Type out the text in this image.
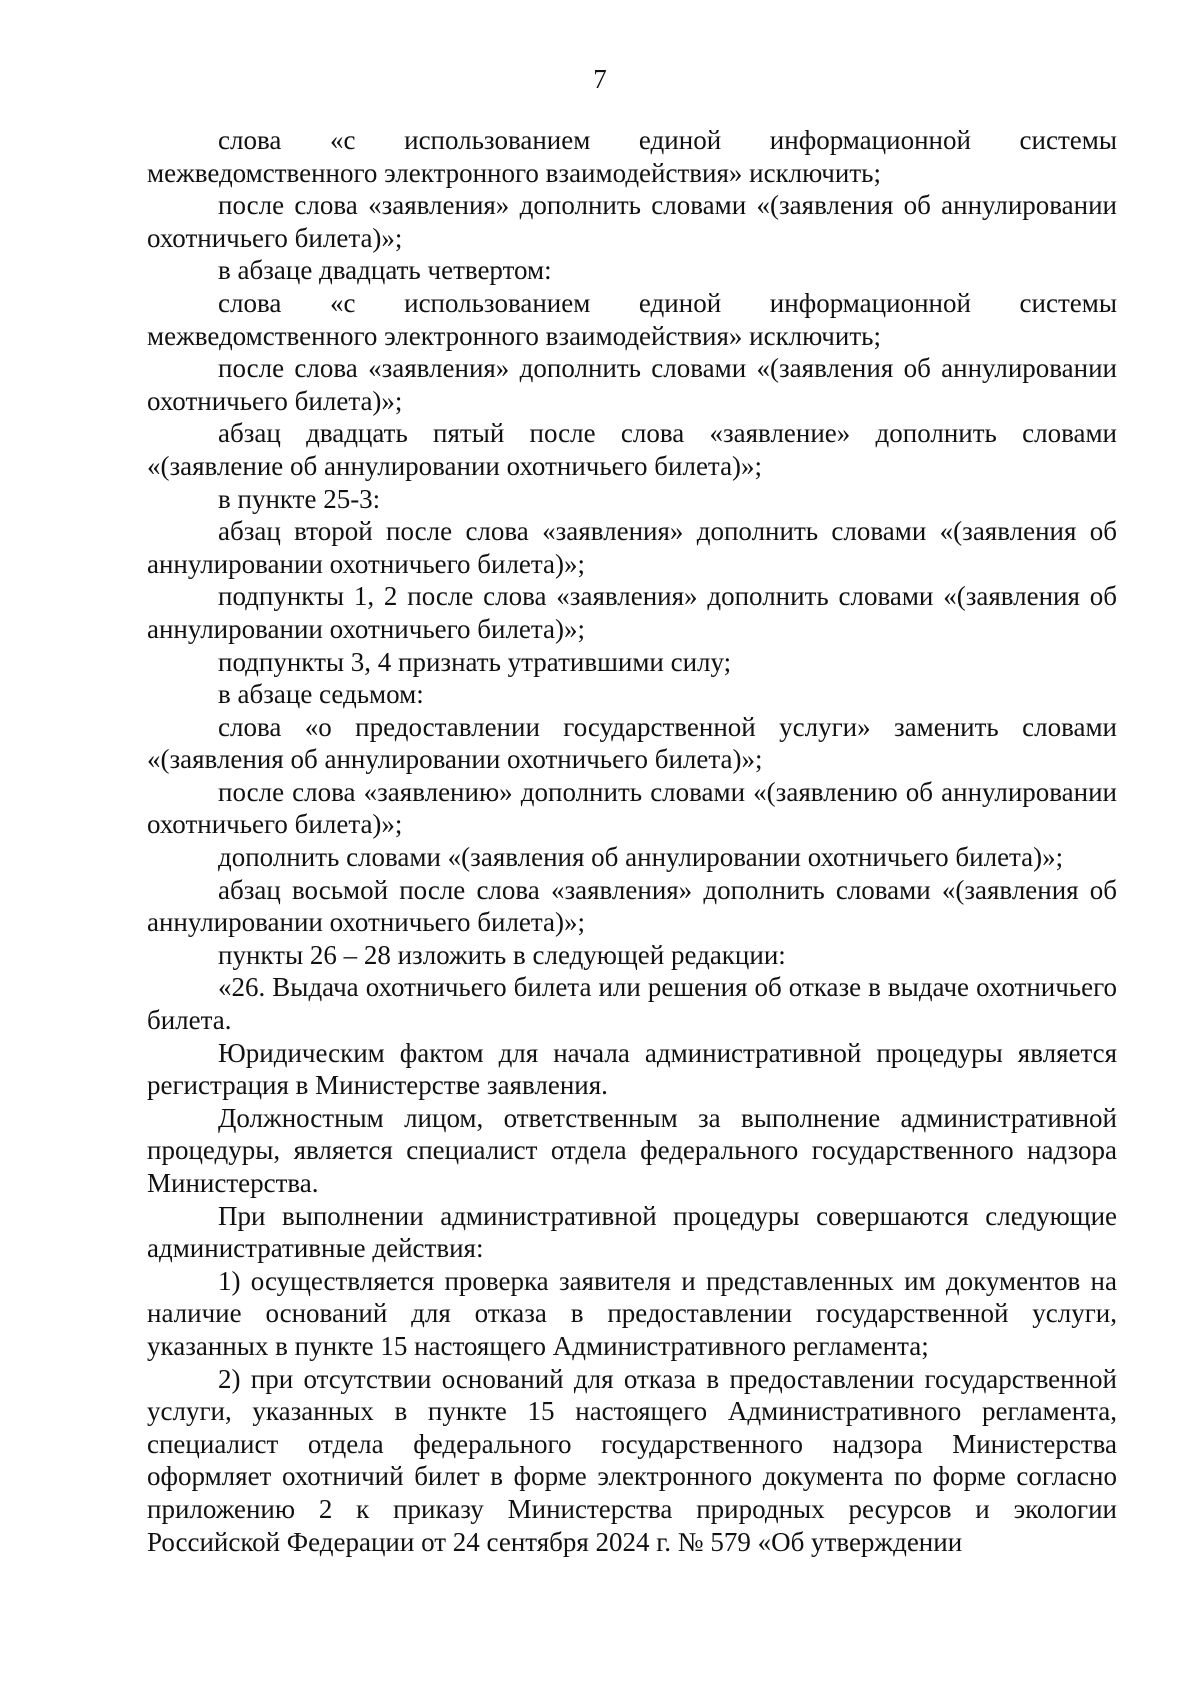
7

слова «с использованием единой информационной системы межведомственного электронного взаимодействия» исключить;

после слова «заявления» дополнить словами «(заявления об аннулировании охотничьего билета)»;

в абзаце двадцать четвертом:

слова «с использованием единой информационной системы межведомственного электронного взаимодействия» исключить;

после слова «заявления» дополнить словами «(заявления об аннулировании охотничьего билета)»;

абзац двадцать пятый после слова «заявление» дополнить словами «(заявление об аннулировании охотничьего билета)»;

в пункте 25-3:

абзац второй после слова «заявления» дополнить словами «(заявления об аннулировании охотничьего билета)»;

подпункты 1, 2 после слова «заявления» дополнить словами «(заявления об аннулировании охотничьего билета)»;

подпункты 3, 4 признать утратившими силу;

в абзаце седьмом:

слова «о предоставлении государственной услуги» заменить словами «(заявления об аннулировании охотничьего билета)»;

после слова «заявлению» дополнить словами «(заявлению об аннулировании охотничьего билета)»;

дополнить словами «(заявления об аннулировании охотничьего билета)»;

абзац восьмой после слова «заявления» дополнить словами «(заявления об аннулировании охотничьего билета)»;

пункты 26 – 28 изложить в следующей редакции:

«26. Выдача охотничьего билета или решения об отказе в выдаче охотничьего билета.

Юридическим фактом для начала административной процедуры является регистрация в Министерстве заявления.

Должностным лицом, ответственным за выполнение административной процедуры, является специалист отдела федерального государственного надзора Министерства.

При выполнении административной процедуры совершаются следующие административные действия:

1) осуществляется проверка заявителя и представленных им документов на наличие оснований для отказа в предоставлении государственной услуги, указанных в пункте 15 настоящего Административного регламента;

2) при отсутствии оснований для отказа в предоставлении государственной услуги, указанных в пункте 15 настоящего Административного регламента, специалист отдела федерального государственного надзора Министерства оформляет охотничий билет в форме электронного документа по форме согласно приложению 2 к приказу Министерства природных ресурсов и экологии Российской Федерации от 24 сентября 2024 г. № 579 «Об утверждении
